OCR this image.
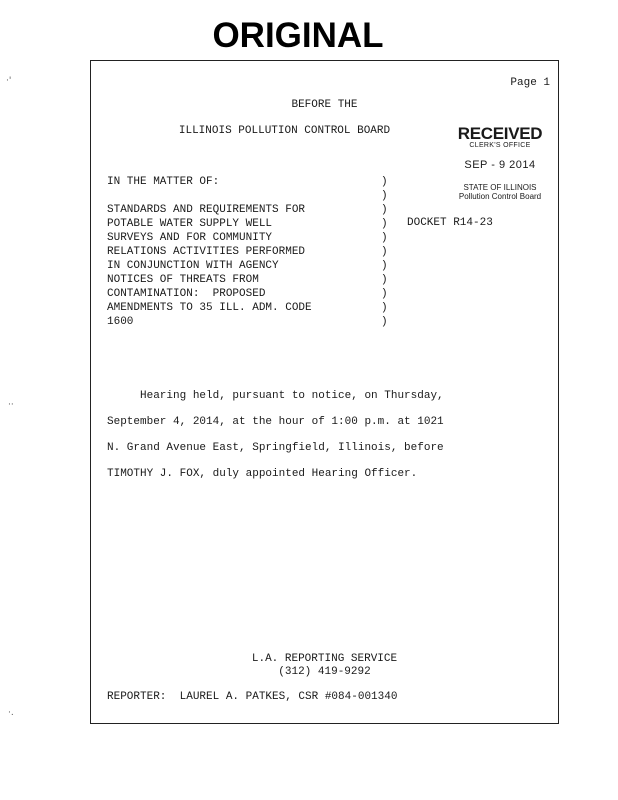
ORIGINAL
Page 1
BEFORE THE
ILLINOIS POLLUTION CONTROL BOARD	RECEIVED
CLERK'S OFFICE
SEP - 9 2014
STATE OF ILLINOIS
Pollution Control Board
IN THE MATTER OF:
STANDARDS AND REQUIREMENTS FOR
POTABLE WATER SUPPLY WELL
SURVEYS AND FOR COMMUNITY
RELATIONS ACTIVITIES PERFORMED
IN CONJUNCTION WITH AGENCY
NOTICES OF THREATS FROM
CONTAMINATION:  PROPOSED
AMENDMENTS TO 35 ILL. ADM. CODE
1600
)
)
)
)
)
)
)
)
)
)
)
DOCKET R14-23
Hearing held, pursuant to notice, on Thursday,
September 4, 2014, at the hour of 1:00 p.m. at 1021
N. Grand Avenue East, Springfield, Illinois, before
TIMOTHY J. FOX, duly appointed Hearing Officer.
L.A. REPORTING SERVICE
(312) 419-9292
REPORTER:  LAUREL A. PATKES, CSR #084-001340
·'
··
·.
